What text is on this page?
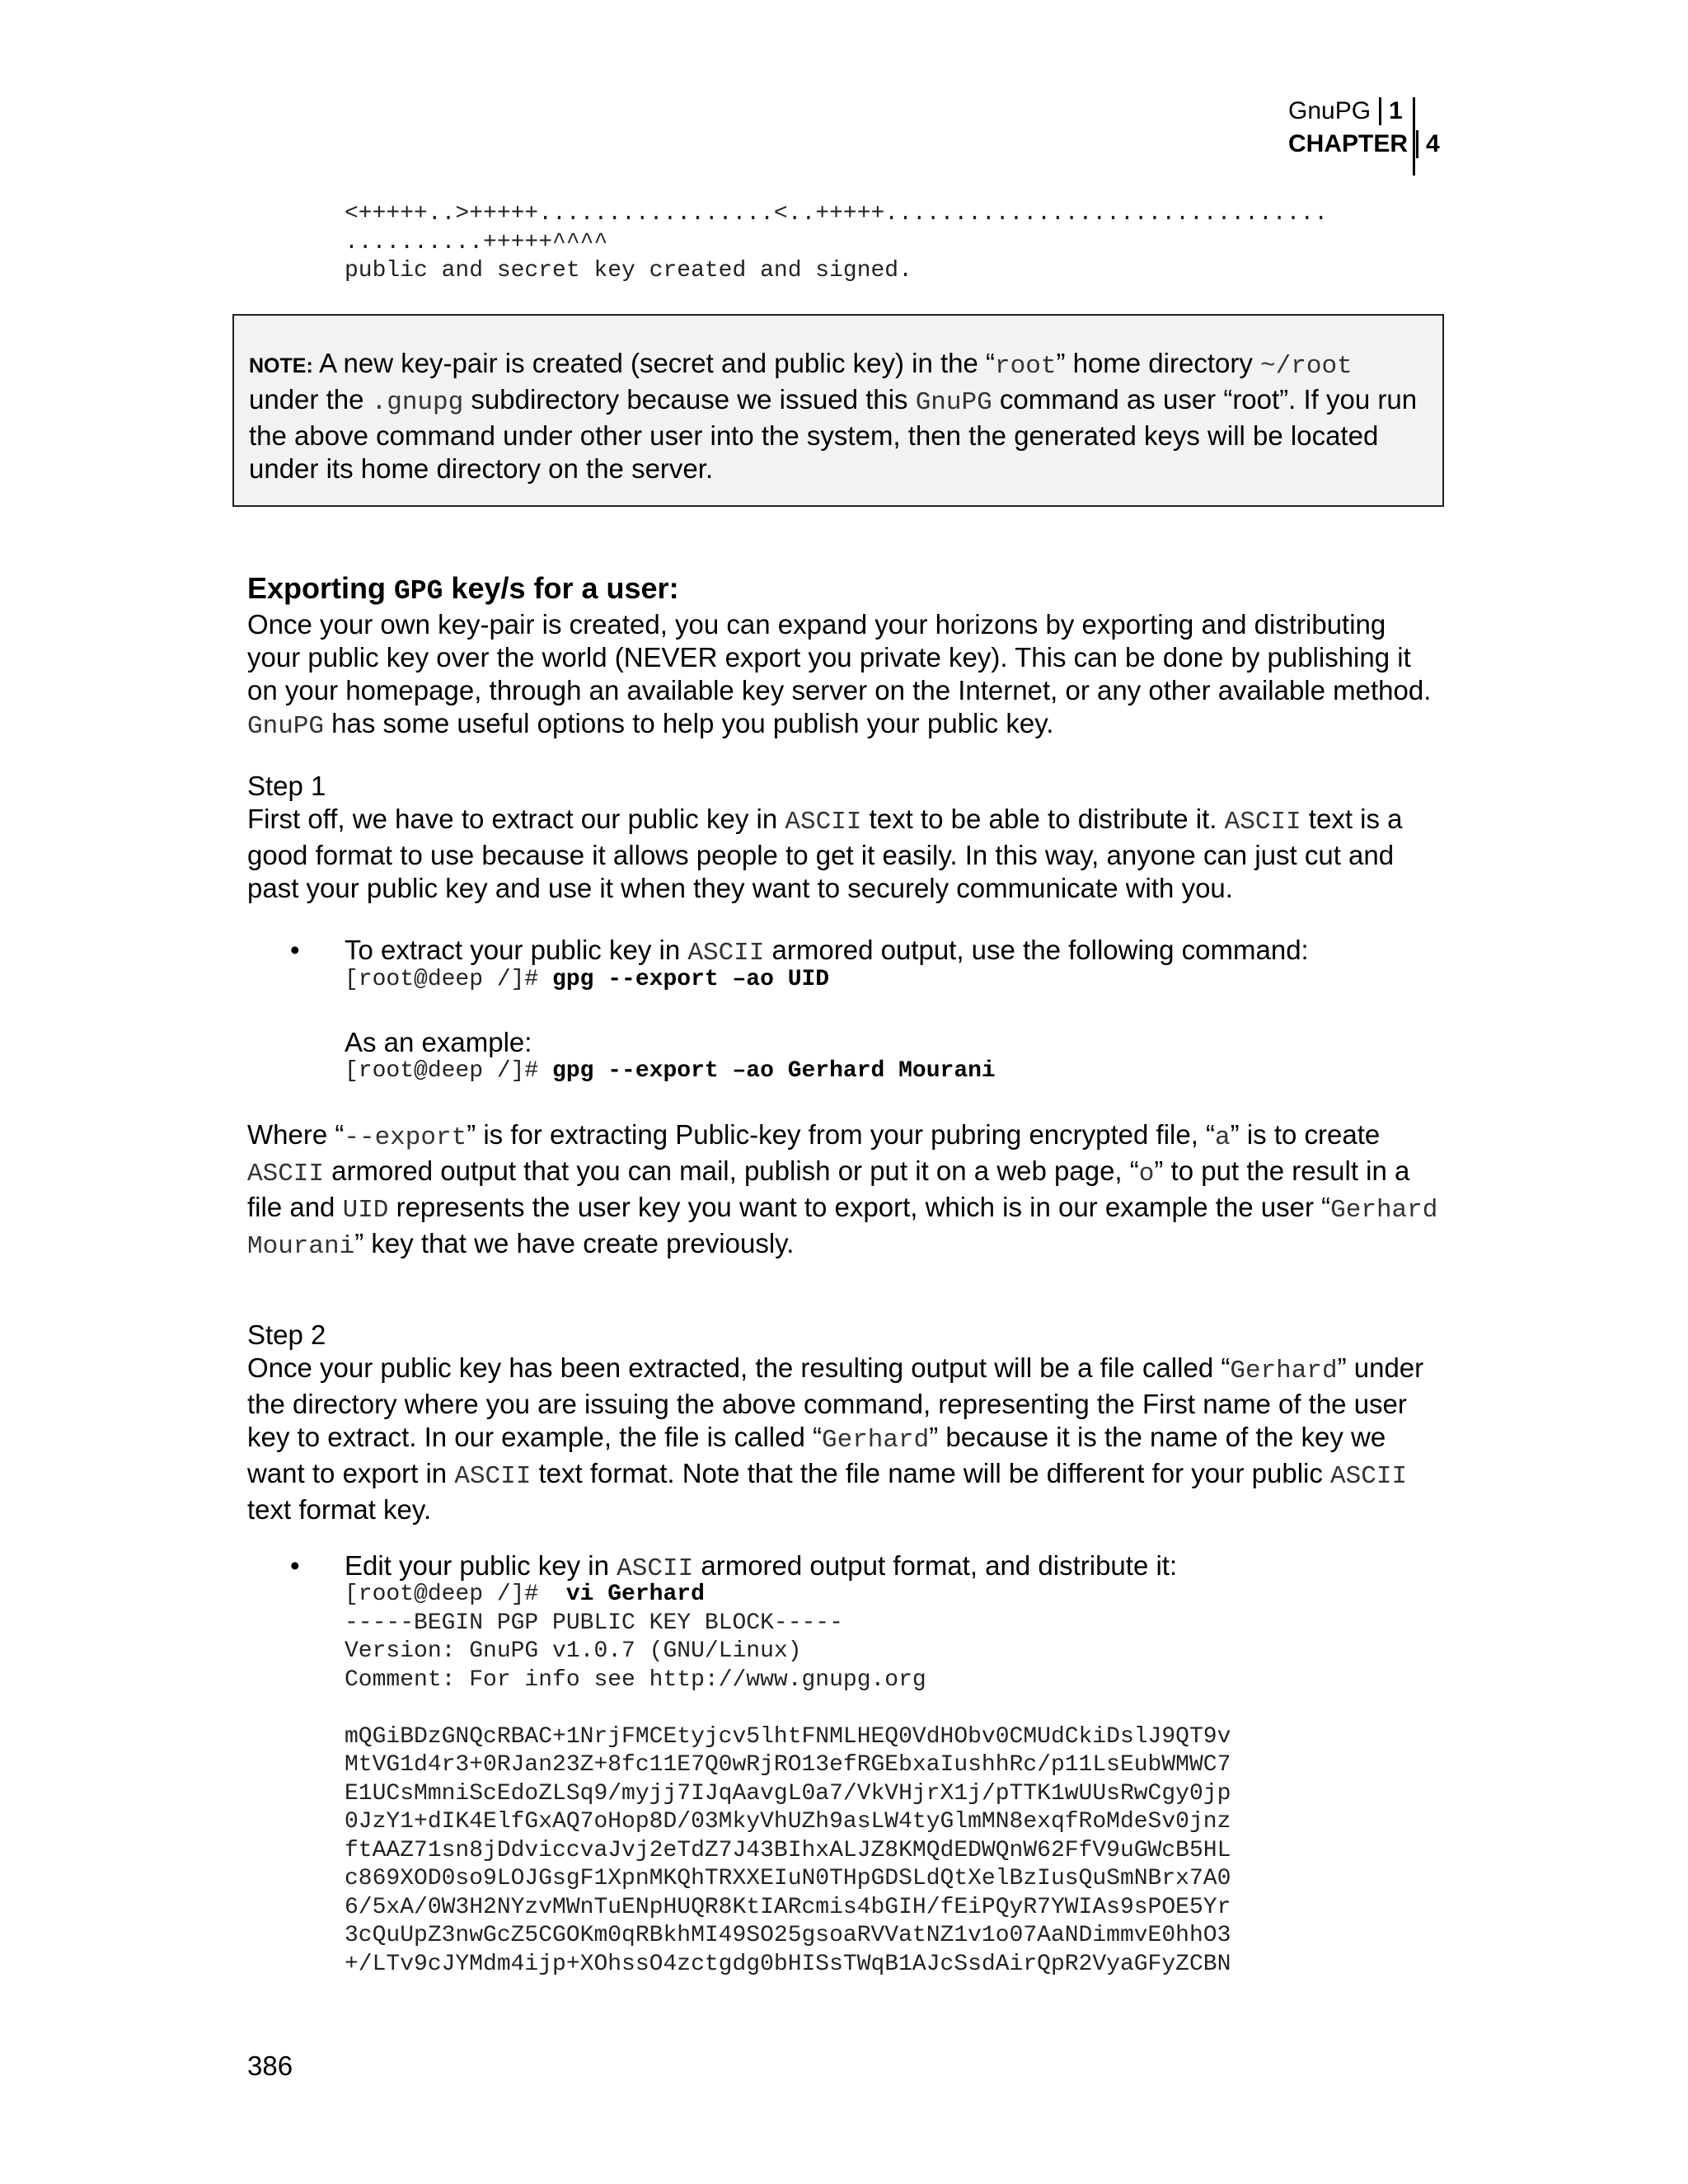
GnuPG 1
CHAPTER 4
<+++++..>+++++.................<..+++++................................
..........+++++^^^^
public and secret key created and signed.
NOTE: A new key-pair is created (secret and public key) in the “root” home directory ~/root under the .gnupg subdirectory because we issued this GnuPG command as user “root”. If you run the above command under other user into the system, then the generated keys will be located under its home directory on the server.
Exporting GPG key/s for a user:
Once your own key-pair is created, you can expand your horizons by exporting and distributing your public key over the world (NEVER export you private key). This can be done by publishing it on your homepage, through an available key server on the Internet, or any other available method. GnuPG has some useful options to help you publish your public key.
Step 1
First off, we have to extract our public key in ASCII text to be able to distribute it. ASCII text is a good format to use because it allows people to get it easily. In this way, anyone can just cut and past your public key and use it when they want to securely communicate with you.
• To extract your public key in ASCII armored output, use the following command:
[root@deep /]# gpg --export –ao UID
As an example:
[root@deep /]# gpg --export –ao Gerhard Mourani
Where “--export” is for extracting Public-key from your pubring encrypted file, “a” is to create ASCII armored output that you can mail, publish or put it on a web page, “o” to put the result in a file and UID represents the user key you want to export, which is in our example the user “Gerhard Mourani” key that we have create previously.
Step 2
Once your public key has been extracted, the resulting output will be a file called “Gerhard” under the directory where you are issuing the above command, representing the First name of the user key to extract. In our example, the file is called “Gerhard” because it is the name of the key we want to export in ASCII text format. Note that the file name will be different for your public ASCII text format key.
• Edit your public key in ASCII armored output format, and distribute it:
[root@deep /]#  vi Gerhard
-----BEGIN PGP PUBLIC KEY BLOCK-----
Version: GnuPG v1.0.7 (GNU/Linux)
Comment: For info see http://www.gnupg.org
mQGiBDzGNQcRBAC+1NrjFMCEtyjcv5lhtFNMLHEQ0VdHObv0CMUdCkiDslJ9QT9v
MtVG1d4r3+0RJan23Z+8fc11E7Q0wRjRO13efRGEbxaIushhRc/p11LsEubWMWC7
E1UCsMmniScEdoZLSq9/myjj7IJqAavgL0a7/VkVHjrX1j/pTTK1wUUsRwCgy0jp
0JzY1+dIK4ElfGxAQ7oHop8D/03MkyVhUZh9asLW4tyGlmMN8exqfRoMdeSv0jnz
ftAAZ71sn8jDdviccvaJvj2eTdZ7J43BIhxALJZ8KMQdEDWQnW62FfV9uGWcB5HL
c869XOD0so9LOJGsgF1XpnMKQhTRXXEIuN0THpGDSLdQtXelBzIusQuSmNBrx7A0
6/5xA/0W3H2NYzvMWnTuENpHUQR8KtIARcmis4bGIH/fEiPQyR7YWIAs9sPOE5Yr
3cQuUpZ3nwGcZ5CGOKm0qRBkhMI49SO25gsoaRVVatNZ1v1o07AaNDimmvE0hhO3
+/LTv9cJYMdm4ijp+XOhssO4zctgdg0bHISsTWqB1AJcSsdAirQpR2VyaGFyZCBN
386
